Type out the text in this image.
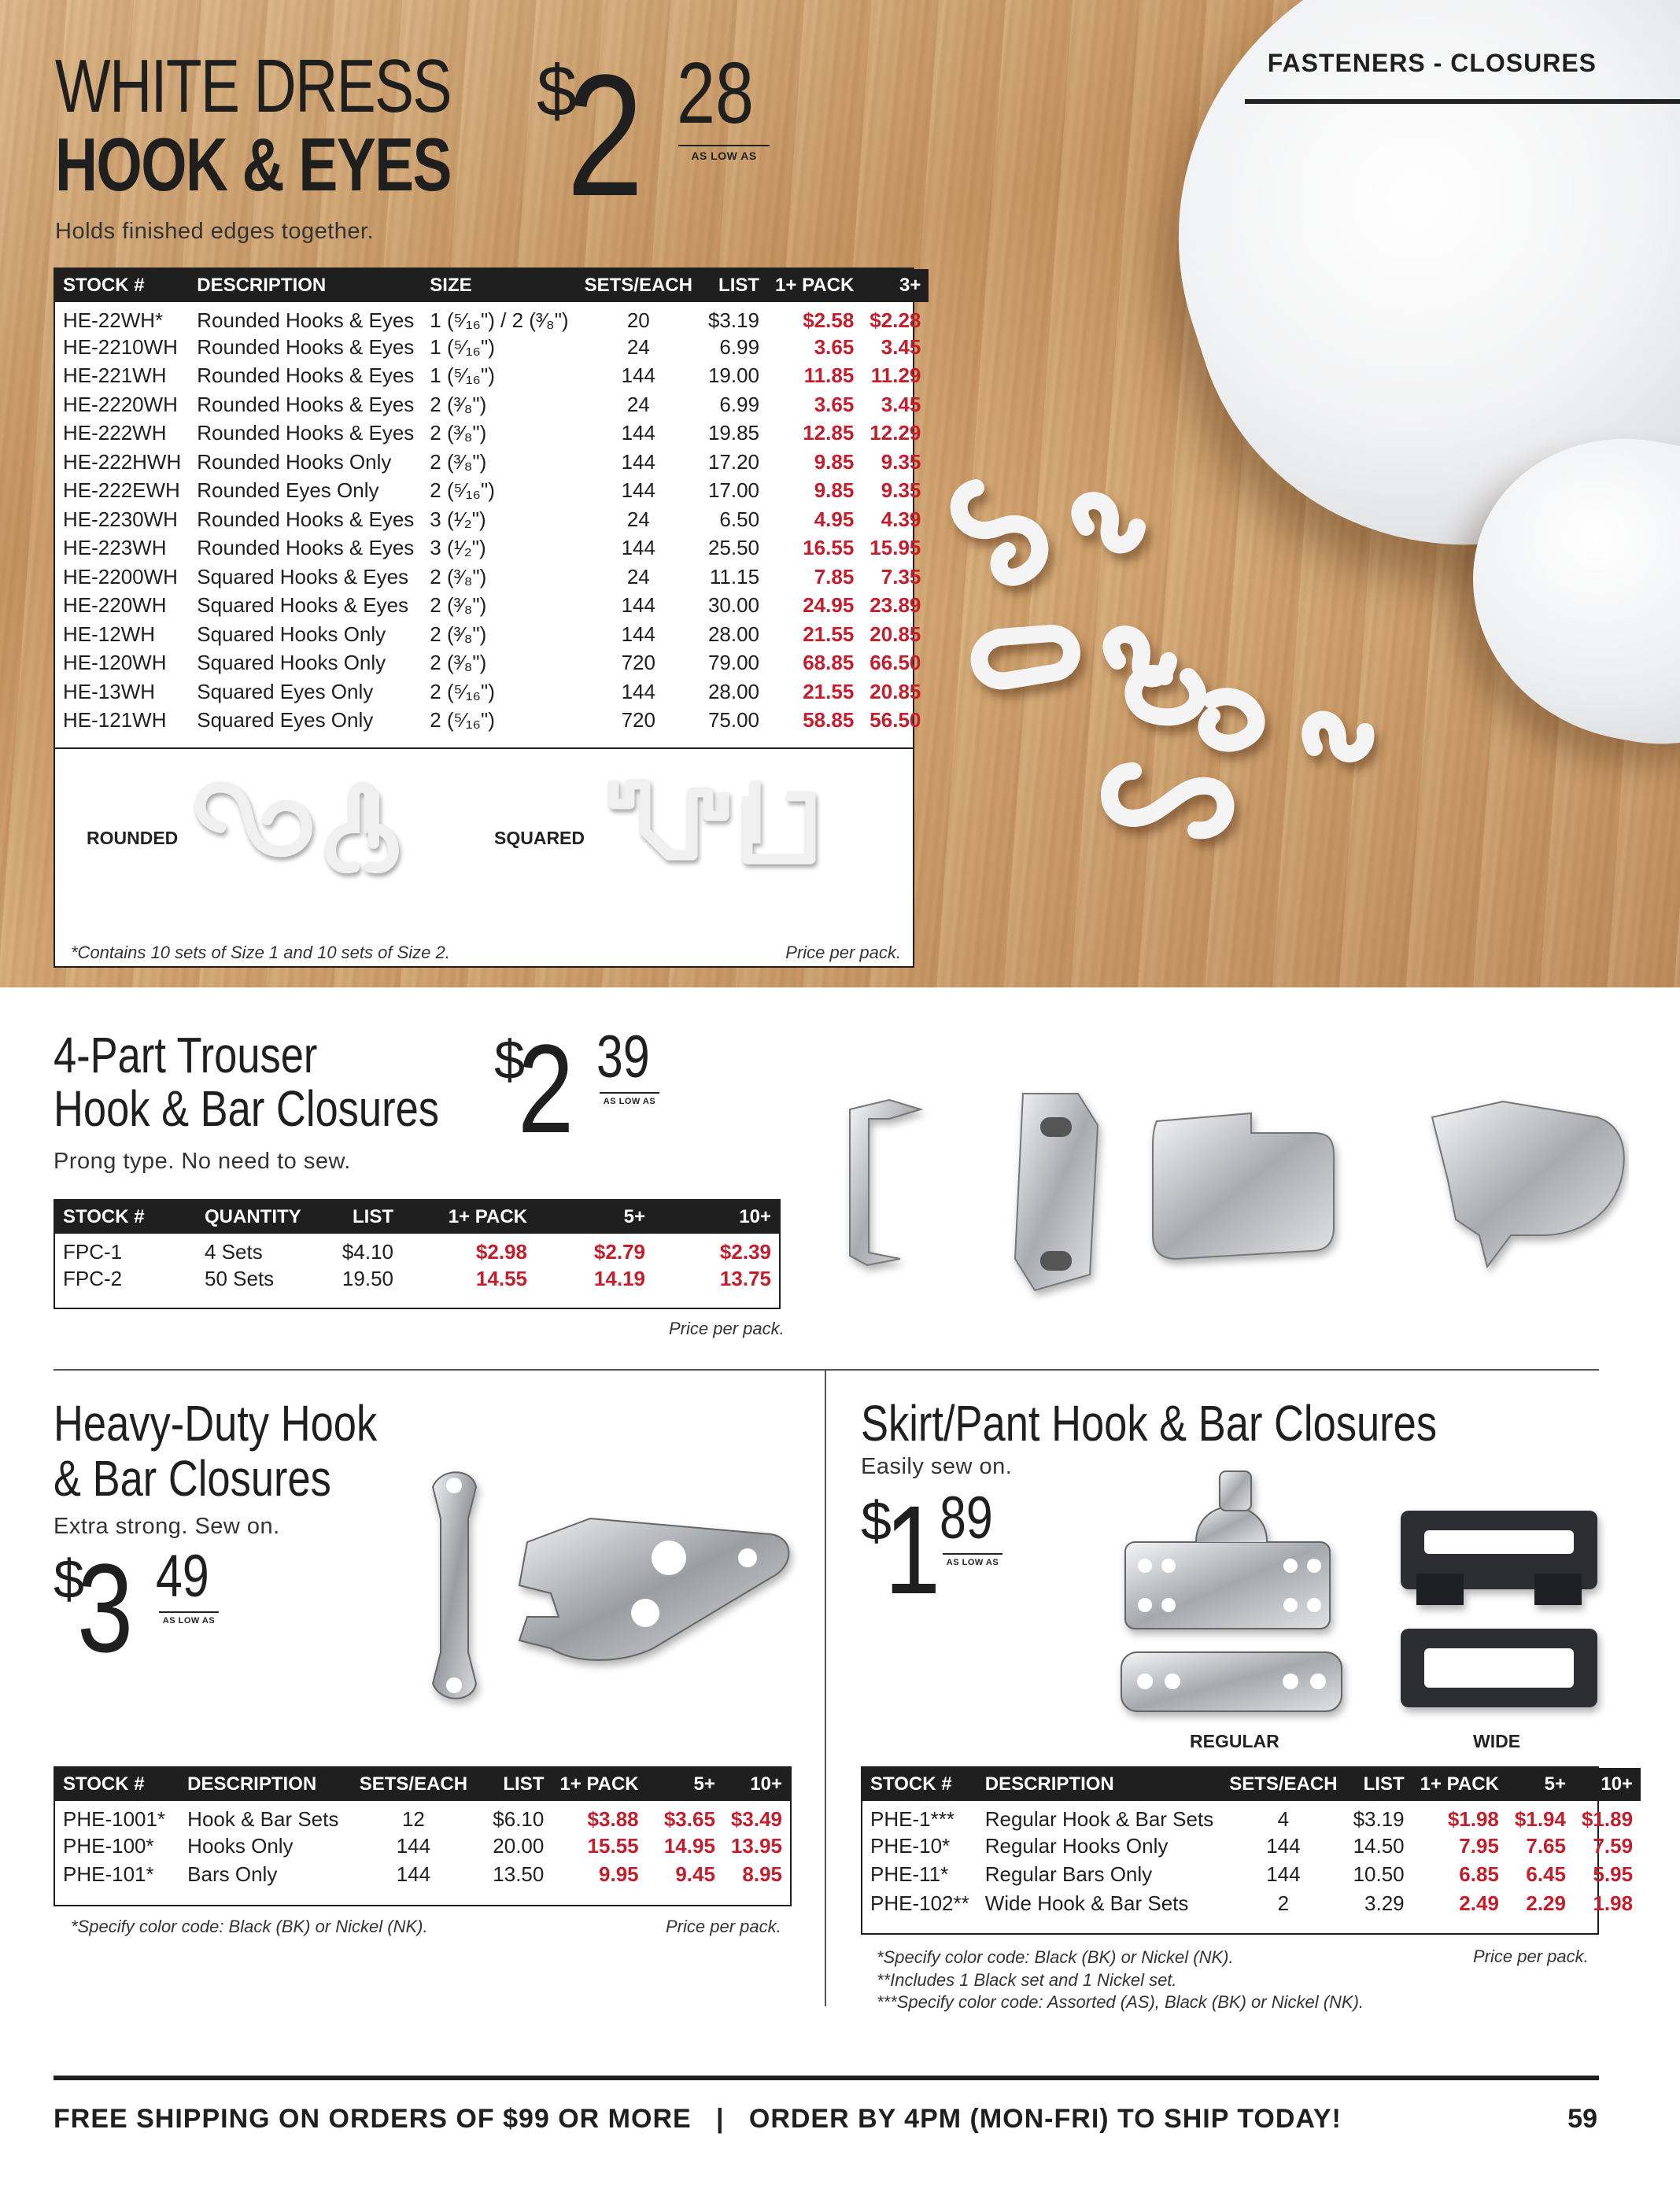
FASTENERS - CLOSURES
WHITE DRESS
HOOK & EYES
$
2 28
AS LOW AS
Holds finished edges together.
STOCK #	DESCRIPTION	SIZE	SETS/EACH	LIST	1+ PACK	3+
HE-22WH*	Rounded Hooks & Eyes	1 (⁵⁄₁₆") / 2 (³⁄₈")	20	$3.19	$2.58	$2.28
HE-2210WH	Rounded Hooks & Eyes	1 (⁵⁄₁₆")	24	6.99	3.65	3.45
HE-221WH	Rounded Hooks & Eyes	1 (⁵⁄₁₆")	144	19.00	11.85	11.29
HE-2220WH	Rounded Hooks & Eyes	2 (³⁄₈")	24	6.99	3.65	3.45
HE-222WH	Rounded Hooks & Eyes	2 (³⁄₈")	144	19.85	12.85	12.29
HE-222HWH	Rounded Hooks Only	2 (³⁄₈")	144	17.20	9.85	9.35
HE-222EWH	Rounded Eyes Only	2 (⁵⁄₁₆")	144	17.00	9.85	9.35
HE-2230WH	Rounded Hooks & Eyes	3 (¹⁄₂")	24	6.50	4.95	4.39
HE-223WH	Rounded Hooks & Eyes	3 (¹⁄₂")	144	25.50	16.55	15.95
HE-2200WH	Squared Hooks & Eyes	2 (³⁄₈")	24	11.15	7.85	7.35
HE-220WH	Squared Hooks & Eyes	2 (³⁄₈")	144	30.00	24.95	23.89
HE-12WH	Squared Hooks Only	2 (³⁄₈")	144	28.00	21.55	20.85
HE-120WH	Squared Hooks Only	2 (³⁄₈")	720	79.00	68.85	66.50
HE-13WH	Squared Eyes Only	2 (⁵⁄₁₆")	144	28.00	21.55	20.85
HE-121WH	Squared Eyes Only	2 (⁵⁄₁₆")	720	75.00	58.85	56.50
ROUNDED	SQUARED
*Contains 10 sets of Size 1 and 10 sets of Size 2.	Price per pack.
4-Part Trouser
Hook & Bar Closures
$
2 39
AS LOW AS
Prong type. No need to sew.
STOCK #	QUANTITY	LIST	1+ PACK	5+	10+
FPC-1	4 Sets	$4.10	$2.98	$2.79	$2.39
FPC-2	50 Sets	19.50	14.55	14.19	13.75
Price per pack.
Heavy-Duty Hook
& Bar Closures
Extra strong. Sew on.
$
3 49
AS LOW AS
STOCK #	DESCRIPTION	SETS/EACH	LIST	1+ PACK	5+	10+
PHE-1001*	Hook & Bar Sets	12	$6.10	$3.88	$3.65	$3.49
PHE-100*	Hooks Only	144	20.00	15.55	14.95	13.95
PHE-101*	Bars Only	144	13.50	9.95	9.45	8.95
*Specify color code: Black (BK) or Nickel (NK).	Price per pack.
Skirt/Pant Hook & Bar Closures
Easily sew on.
$
1 89
AS LOW AS
REGULAR	WIDE
STOCK #	DESCRIPTION	SETS/EACH	LIST	1+ PACK	5+	10+
PHE-1***	Regular Hook & Bar Sets	4	$3.19	$1.98	$1.94	$1.89
PHE-10*	Regular Hooks Only	144	14.50	7.95	7.65	7.59
PHE-11*	Regular Bars Only	144	10.50	6.85	6.45	5.95
PHE-102**	Wide Hook & Bar Sets	2	3.29	2.49	2.29	1.98
*Specify color code: Black (BK) or Nickel (NK).
**Includes 1 Black set and 1 Nickel set.
***Specify color code: Assorted (AS), Black (BK) or Nickel (NK).
Price per pack.
FREE SHIPPING ON ORDERS OF $99 OR MORE   |   ORDER BY 4PM (MON-FRI) TO SHIP TODAY!	59
